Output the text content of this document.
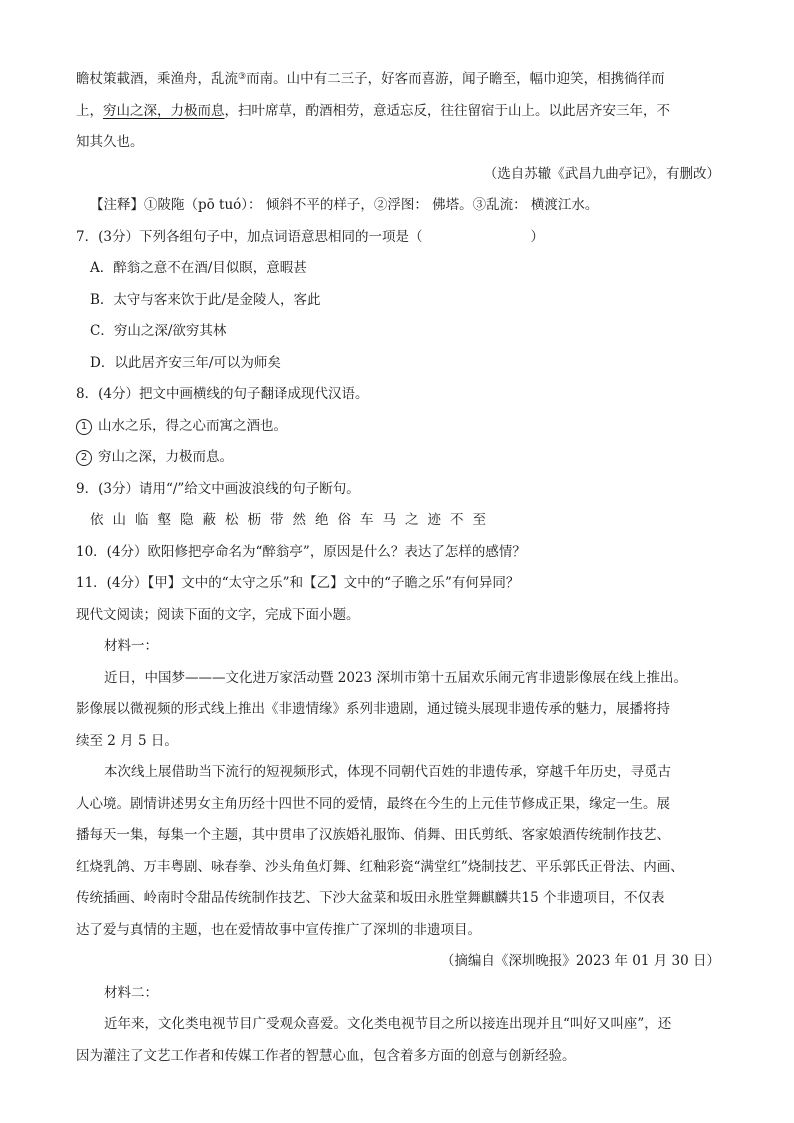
瞻杖策載酒，乘渔舟，乱流③而南。山中有二三子，好客而喜游，闻子瞻至，幅巾迎笑，相携徜徉而
上，穷山之深，力极而息，扫叶席草，酌酒相劳，意适忘反，往往留宿于山上。以此居齐安三年，不
知其久也。
（选自苏辙《武昌九曲亭记》，有删改）
【注释】①陂陁（pō tuó）： 倾斜不平的样子，②浮图： 佛塔。③乱流： 横渡江水。
7．(3分）下列各组句子中，加点词语意思相同的一项是（	）
A．醉翁之意不在酒/目似瞑，意暇甚
B．太守与客来饮于此/是金陵人，客此
C．穷山之深/欲穷其林
D．以此居齐安三年/可以为师矣
8．(4分）把文中画横线的句子翻译成现代汉语。
1 山水之乐，得之心而寓之酒也。
2 穷山之深，力极而息。
9．(3分）请用“/”给文中画波浪线的句子断句。
依山临壑隐蔽松枥带然绝俗车马之迹不至
10．(4分）欧阳修把亭命名为“醉翁亭”，原因是什么？表达了怎样的感情？
11．(4分）【甲】文中的“太守之乐”和【乙】文中的“子瞻之乐”有何异同？
现代文阅读；阅读下面的文字，完成下面小题。
材料一：
近日，中国梦———文化进万家活动暨 2023 深圳市第十五届欢乐闹元宵非遗影像展在线上推出。
影像展以微视频的形式线上推出《非遗情缘》系列非遗剧，通过镜头展现非遗传承的魅力，展播将持
续至 2 月 5 日。
本次线上展借助当下流行的短视频形式，体现不同朝代百姓的非遗传承，穿越千年历史，寻觅古
人心境。剧情讲述男女主角历经十四世不同的爱情，最终在今生的上元佳节修成正果，缘定一生。展
播每天一集，每集一个主题，其中贯串了汉族婚礼服饰、俏舞、田氏剪纸、客家娘酒传统制作技艺、
红烧乳鸽、万丰粤剧、咏春拳、沙头角鱼灯舞、红釉彩瓷“满堂红”烧制技艺、平乐郭氏正骨法、内画、
传统插画、岭南时令甜品传统制作技艺、下沙大盆菜和坂田永胜堂舞麒麟共15 个非遗项目，不仅表
达了爱与真情的主题，也在爱情故事中宣传推广了深圳的非遗项目。
（摘编自《深圳晚报》2023 年 01 月 30 日）
材料二：
近年来，文化类电视节目广受观众喜爱。文化类电视节目之所以接连出现并且“叫好又叫座”，还
因为灌注了文艺工作者和传媒工作者的智慧心血，包含着多方面的创意与创新经验。
